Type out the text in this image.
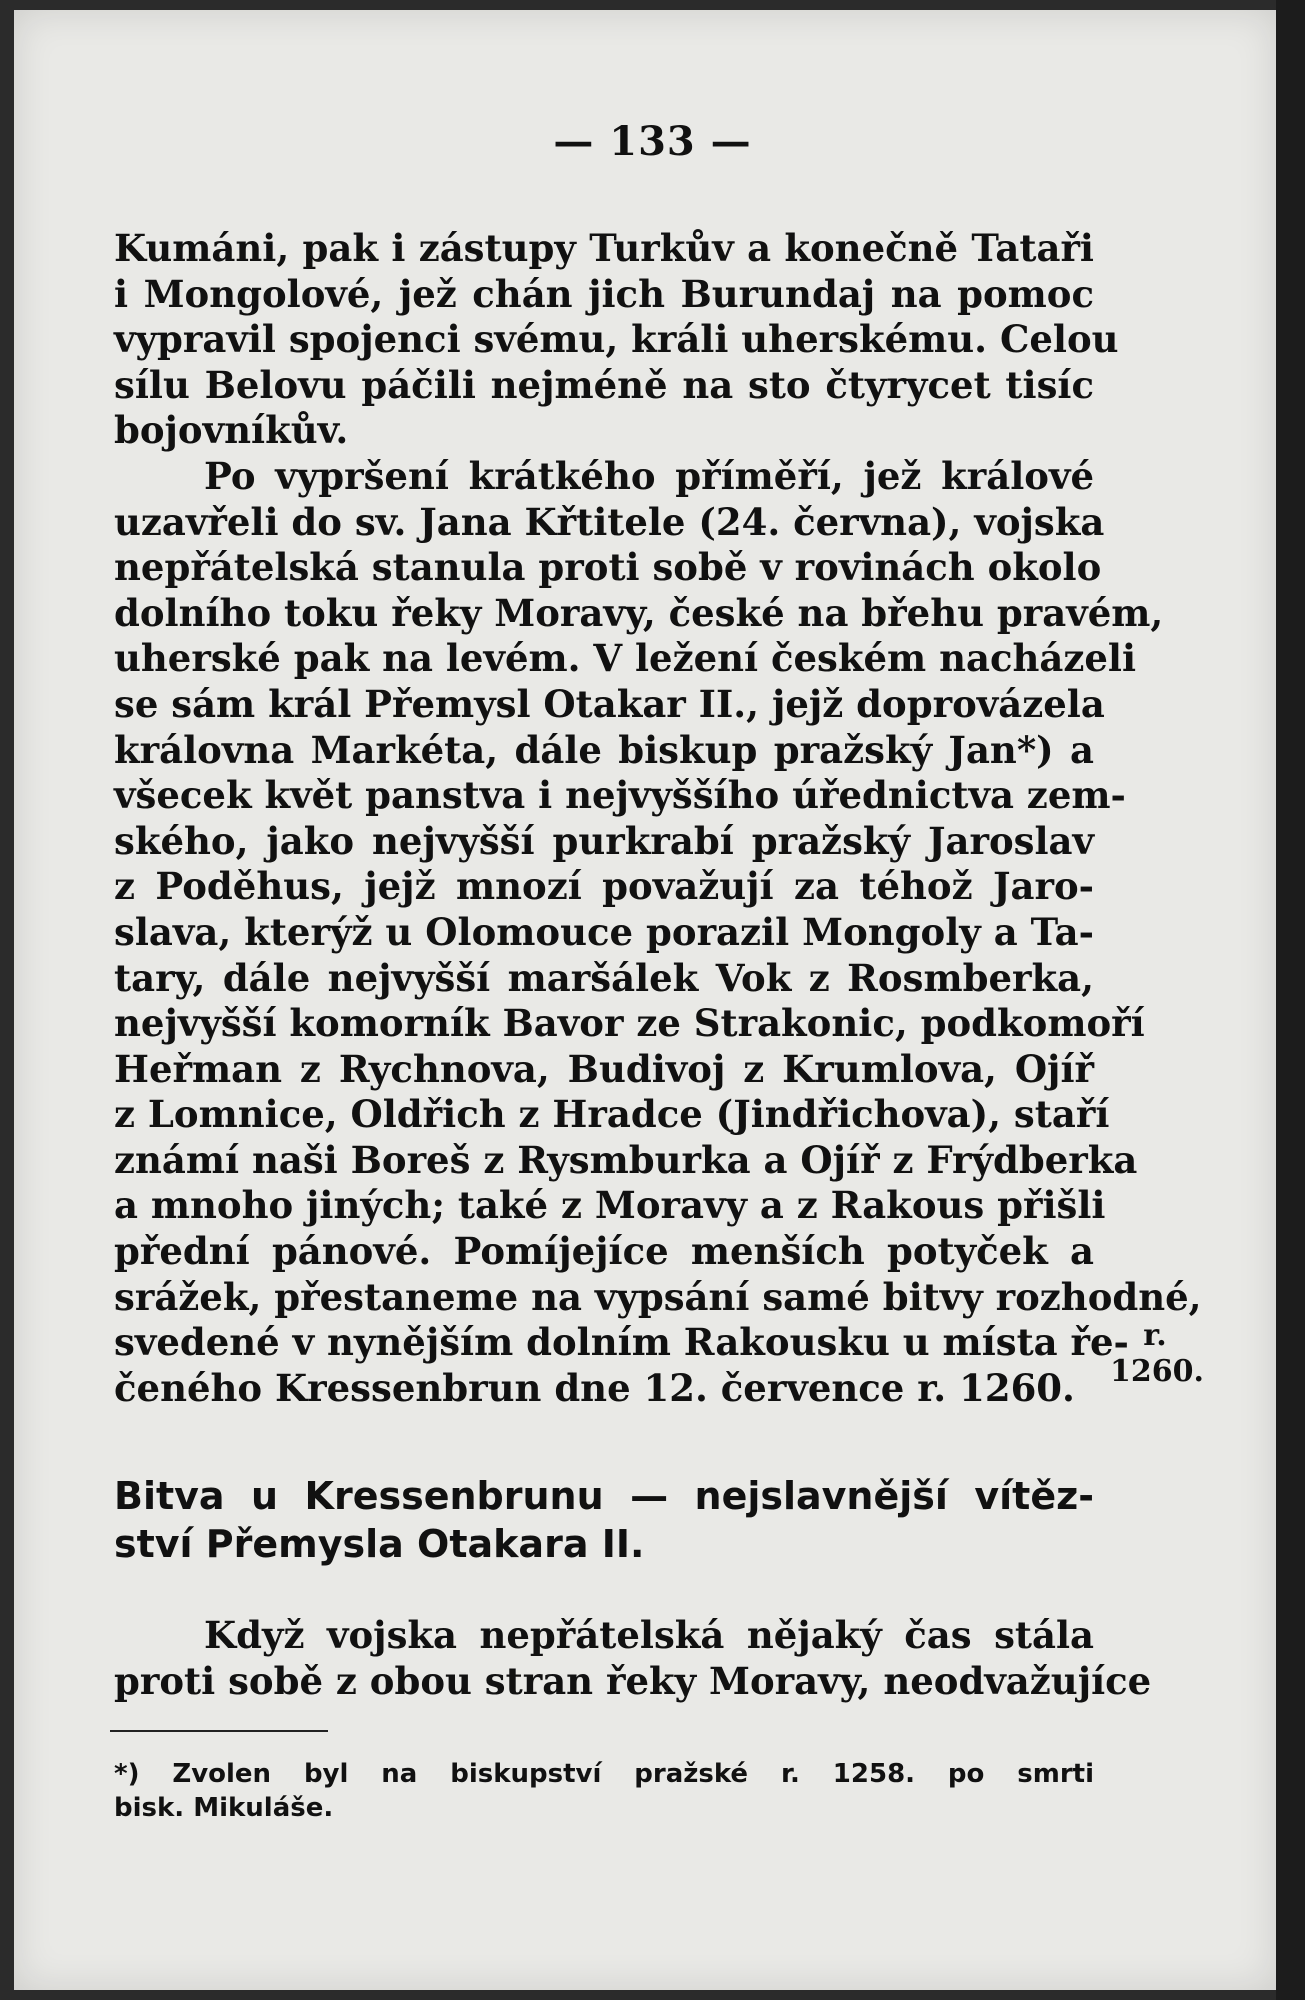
— 133 —
Kumáni, pak i zástupy Turkův a konečně Tataři
i Mongolové, jež chán jich Burundaj na pomoc
vypravil spojenci svému, králi uherskému. Celou
sílu Belovu páčili nejméně na sto čtyrycet tisíc
bojovníkův.
Po vypršení krátkého příměří, jež králové
uzavřeli do sv. Jana Křtitele (24. června), vojska
nepřátelská stanula proti sobě v rovinách okolo
dolního toku řeky Moravy, české na břehu pravém,
uherské pak na levém. V ležení českém nacházeli
se sám král Přemysl Otakar II., jejž doprovázela
královna Markéta, dále biskup pražský Jan*) a
všecek květ panstva i nejvyššího úřednictva zem-
ského, jako nejvyšší purkrabí pražský Jaroslav
z Poděhus, jejž mnozí považují za téhož Jaro-
slava, kterýž u Olomouce porazil Mongoly a Ta-
tary, dále nejvyšší maršálek Vok z Rosmberka,
nejvyšší komorník Bavor ze Strakonic, podkomoří
Heřman z Rychnova, Budivoj z Krumlova, Ojíř
z Lomnice, Oldřich z Hradce (Jindřichova), staří
známí naši Boreš z Rysmburka a Ojíř z Frýdberka
a mnoho jiných; také z Moravy a z Rakous přišli
přední pánové. Pomíjejíce menších potyček a
srážek, přestaneme na vypsání samé bitvy rozhodné,
svedené v nynějším dolním Rakousku u místa ře-
čeného Kressenbrun dne 12. července r. 1260.
r.
1260.
Bitva u Kressenbrunu — nejslavnější vítěz-
ství Přemysla Otakara II.
Když vojska nepřátelská nějaký čas stála
proti sobě z obou stran řeky Moravy, neodvažujíce
*) Zvolen byl na biskupství pražské r. 1258. po smrti
bisk. Mikuláše.
